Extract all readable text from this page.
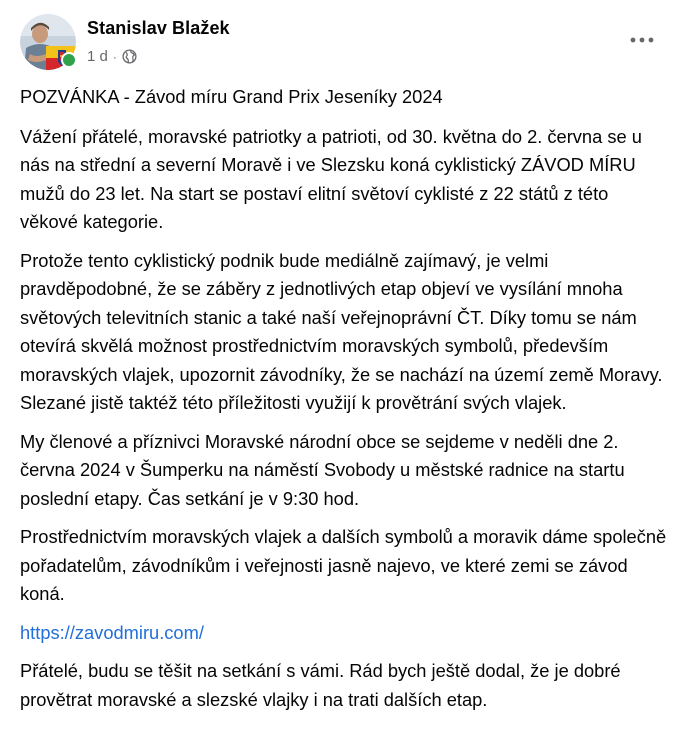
Stanislav Blažek
1 d ·

POZVÁNKA - Závod míru Grand Prix Jeseníky 2024

Vážení přátelé, moravské patriotky a patrioti, od 30. května do 2. června se u nás na střední a severní Moravě i ve Slezsku koná cyklistický ZÁVOD MÍRU mužů do 23 let. Na start se postaví elitní světoví cyklisté z 22 států z této věkové kategorie.

Protože tento cyklistický podnik bude mediálně zajímavý, je velmi pravděpodobné, že se záběry z jednotlivých etap objeví ve vysílání mnoha světových televitních stanic a také naší veřejnoprávní ČT. Díky tomu se nám otevírá skvělá možnost prostřednictvím moravských symbolů, především moravských vlajek, upozornit závodníky, že se nachází na území země Moravy. Slezané jistě taktéž této příležitosti využijí k provětrání svých vlajek.

My členové a příznivci Moravské národní obce se sejdeme v neděli dne 2. června 2024 v Šumperku na náměstí Svobody u městské radnice na startu poslední etapy. Čas setkání je v 9:30 hod.

Prostřednictvím moravských vlajek a dalších symbolů a moravik dáme společně pořadatelům, závodníkům i veřejnosti jasně najevo, ve které zemi se závod koná.

https://zavodmiru.com/

Přátelé, budu se těšit na setkání s vámi. Rád bych ještě dodal, že je dobré provětrat moravské a slezské vlajky i na trati dalších etap.
